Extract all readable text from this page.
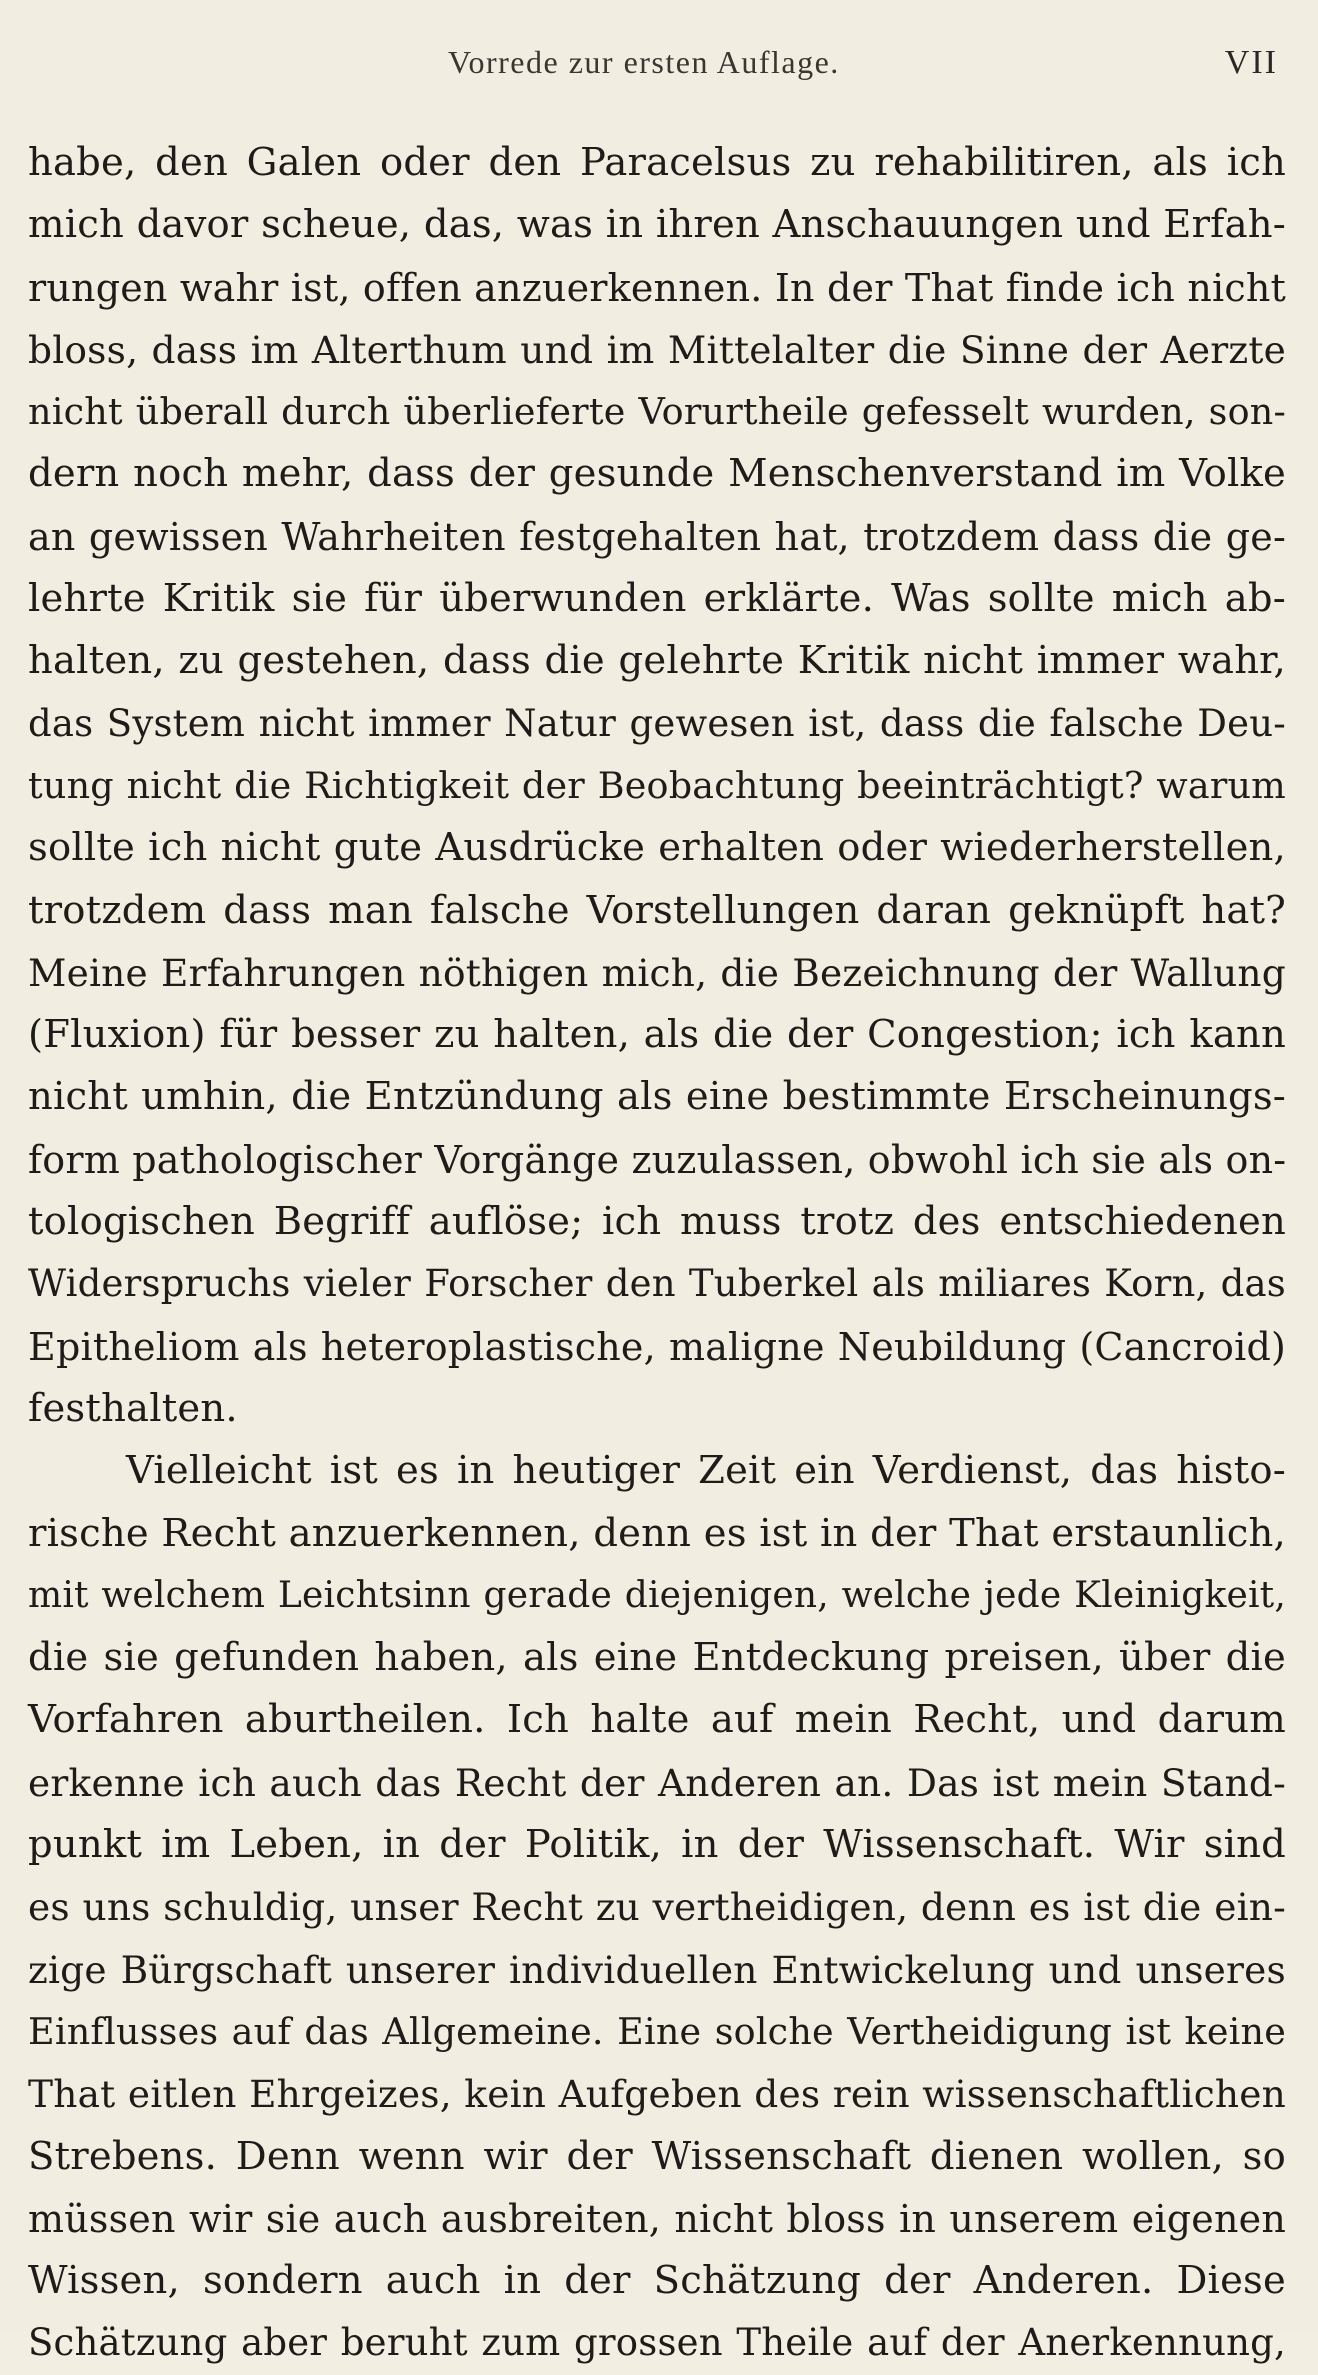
Vorrede zur ersten Auflage.	VII
habe, den Galen oder den Paracelsus zu rehabilitiren, als ich
mich davor scheue, das, was in ihren Anschauungen und Erfah-
rungen wahr ist, offen anzuerkennen. In der That finde ich nicht
bloss, dass im Alterthum und im Mittelalter die Sinne der Aerzte
nicht überall durch überlieferte Vorurtheile gefesselt wurden, son-
dern noch mehr, dass der gesunde Menschenverstand im Volke
an gewissen Wahrheiten festgehalten hat, trotzdem dass die ge-
lehrte Kritik sie für überwunden erklärte. Was sollte mich ab-
halten, zu gestehen, dass die gelehrte Kritik nicht immer wahr,
das System nicht immer Natur gewesen ist, dass die falsche Deu-
tung nicht die Richtigkeit der Beobachtung beeinträchtigt? warum
sollte ich nicht gute Ausdrücke erhalten oder wiederherstellen,
trotzdem dass man falsche Vorstellungen daran geknüpft hat?
Meine Erfahrungen nöthigen mich, die Bezeichnung der Wallung
(Fluxion) für besser zu halten, als die der Congestion; ich kann
nicht umhin, die Entzündung als eine bestimmte Erscheinungs-
form pathologischer Vorgänge zuzulassen, obwohl ich sie als on-
tologischen Begriff auflöse; ich muss trotz des entschiedenen
Widerspruchs vieler Forscher den Tuberkel als miliares Korn, das
Epitheliom als heteroplastische, maligne Neubildung (Cancroid)
festhalten.
Vielleicht ist es in heutiger Zeit ein Verdienst, das histo-
rische Recht anzuerkennen, denn es ist in der That erstaunlich,
mit welchem Leichtsinn gerade diejenigen, welche jede Kleinigkeit,
die sie gefunden haben, als eine Entdeckung preisen, über die
Vorfahren aburtheilen. Ich halte auf mein Recht, und darum
erkenne ich auch das Recht der Anderen an. Das ist mein Stand-
punkt im Leben, in der Politik, in der Wissenschaft. Wir sind
es uns schuldig, unser Recht zu vertheidigen, denn es ist die ein-
zige Bürgschaft unserer individuellen Entwickelung und unseres
Einflusses auf das Allgemeine. Eine solche Vertheidigung ist keine
That eitlen Ehrgeizes, kein Aufgeben des rein wissenschaftlichen
Strebens. Denn wenn wir der Wissenschaft dienen wollen, so
müssen wir sie auch ausbreiten, nicht bloss in unserem eigenen
Wissen, sondern auch in der Schätzung der Anderen. Diese
Schätzung aber beruht zum grossen Theile auf der Anerkennung,
